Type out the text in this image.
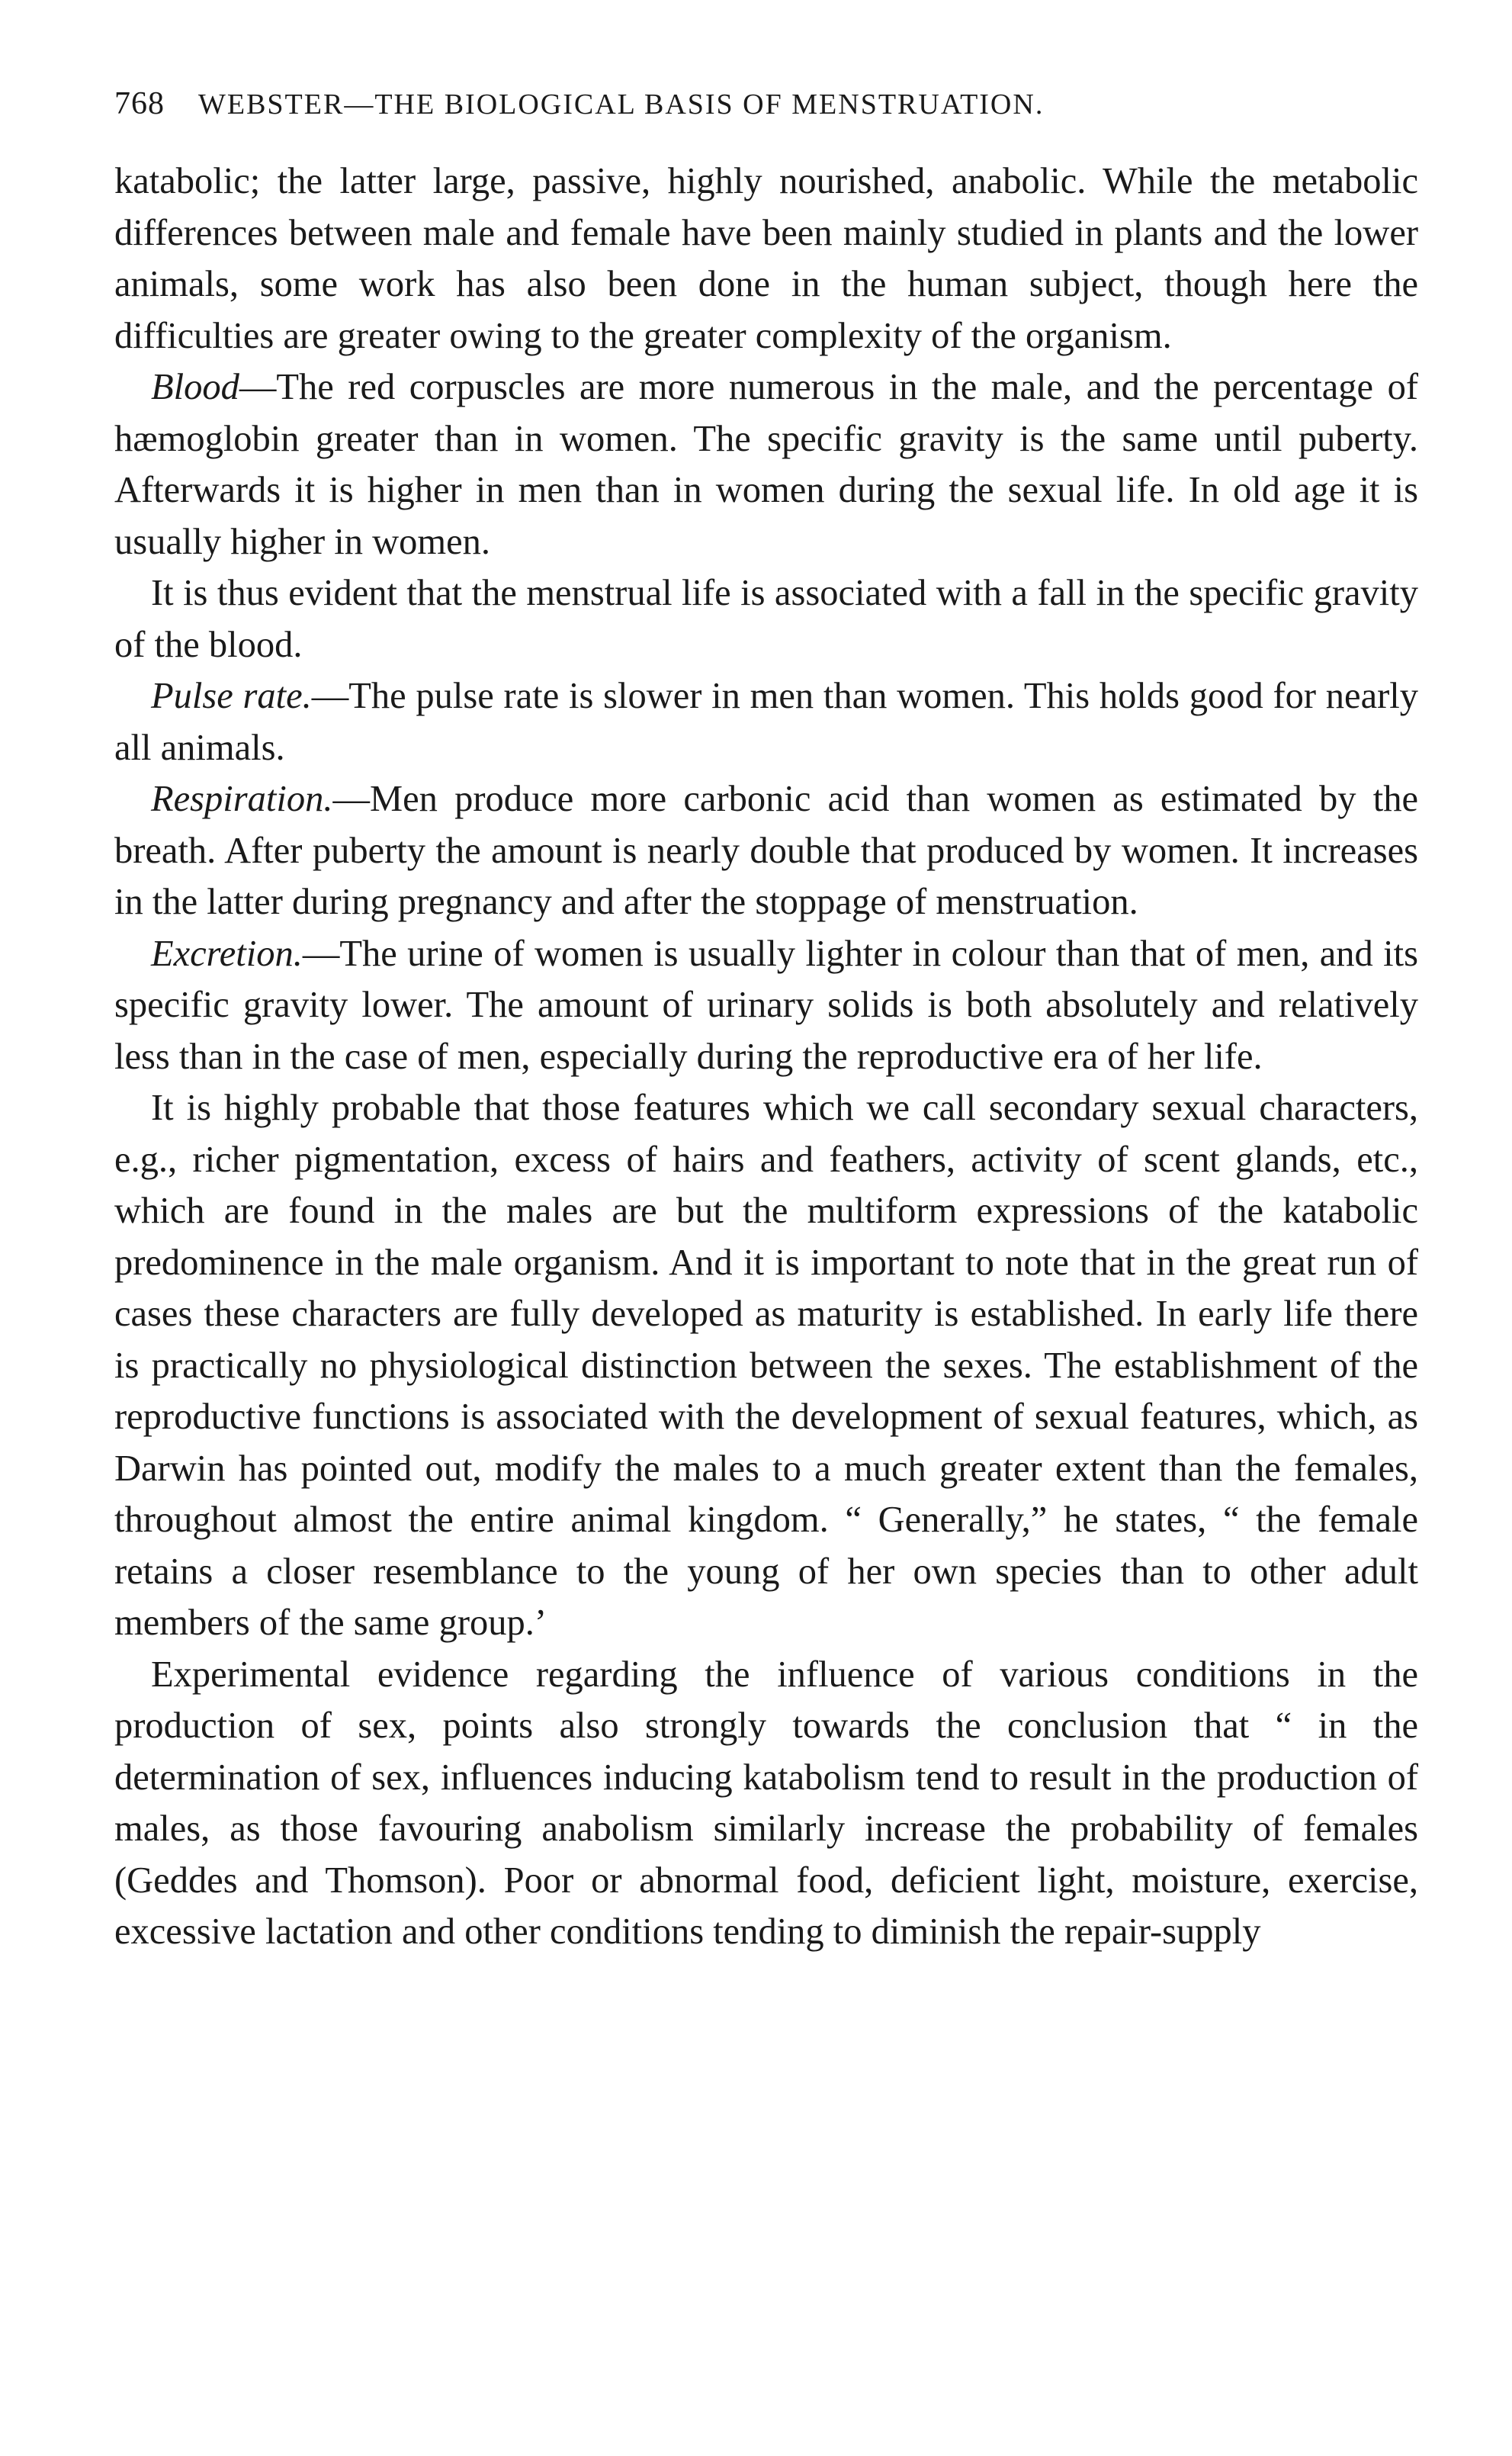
768 WEBSTER—THE BIOLOGICAL BASIS OF MENSTRUATION.

katabolic; the latter large, passive, highly nourished, anabolic. While the metabolic differences between male and female have been mainly studied in plants and the lower animals, some work has also been done in the human subject, though here the difficulties are greater owing to the greater complexity of the organism.

Blood—The red corpuscles are more numerous in the male, and the percentage of hæmoglobin greater than in women. The specific gravity is the same until puberty. Afterwards it is higher in men than in women during the sexual life. In old age it is usually higher in women.

It is thus evident that the menstrual life is associated with a fall in the specific gravity of the blood.

Pulse rate.—The pulse rate is slower in men than women. This holds good for nearly all animals.

Respiration.—Men produce more carbonic acid than women as estimated by the breath. After puberty the amount is nearly double that produced by women. It increases in the latter during pregnancy and after the stoppage of menstruation.

Excretion.—The urine of women is usually lighter in colour than that of men, and its specific gravity lower. The amount of urinary solids is both absolutely and relatively less than in the case of men, especially during the reproductive era of her life.

It is highly probable that those features which we call secondary sexual characters, e.g., richer pigmentation, excess of hairs and feathers, activity of scent glands, etc., which are found in the males are but the multiform expressions of the katabolic predominence in the male organism. And it is important to note that in the great run of cases these characters are fully developed as maturity is established. In early life there is practically no physiological distinction between the sexes. The establishment of the reproductive functions is associated with the development of sexual features, which, as Darwin has pointed out, modify the males to a much greater extent than the females, throughout almost the entire animal kingdom. “ Generally,” he states, “ the female retains a closer resemblance to the young of her own species than to other adult members of the same group.’

Experimental evidence regarding the influence of various conditions in the production of sex, points also strongly towards the conclusion that “ in the determination of sex, influences inducing katabolism tend to result in the production of males, as those favouring anabolism similarly increase the probability of females (Geddes and Thomson). Poor or abnormal food, deficient light, moisture, exercise, excessive lactation and other conditions tending to diminish the repair-supply
